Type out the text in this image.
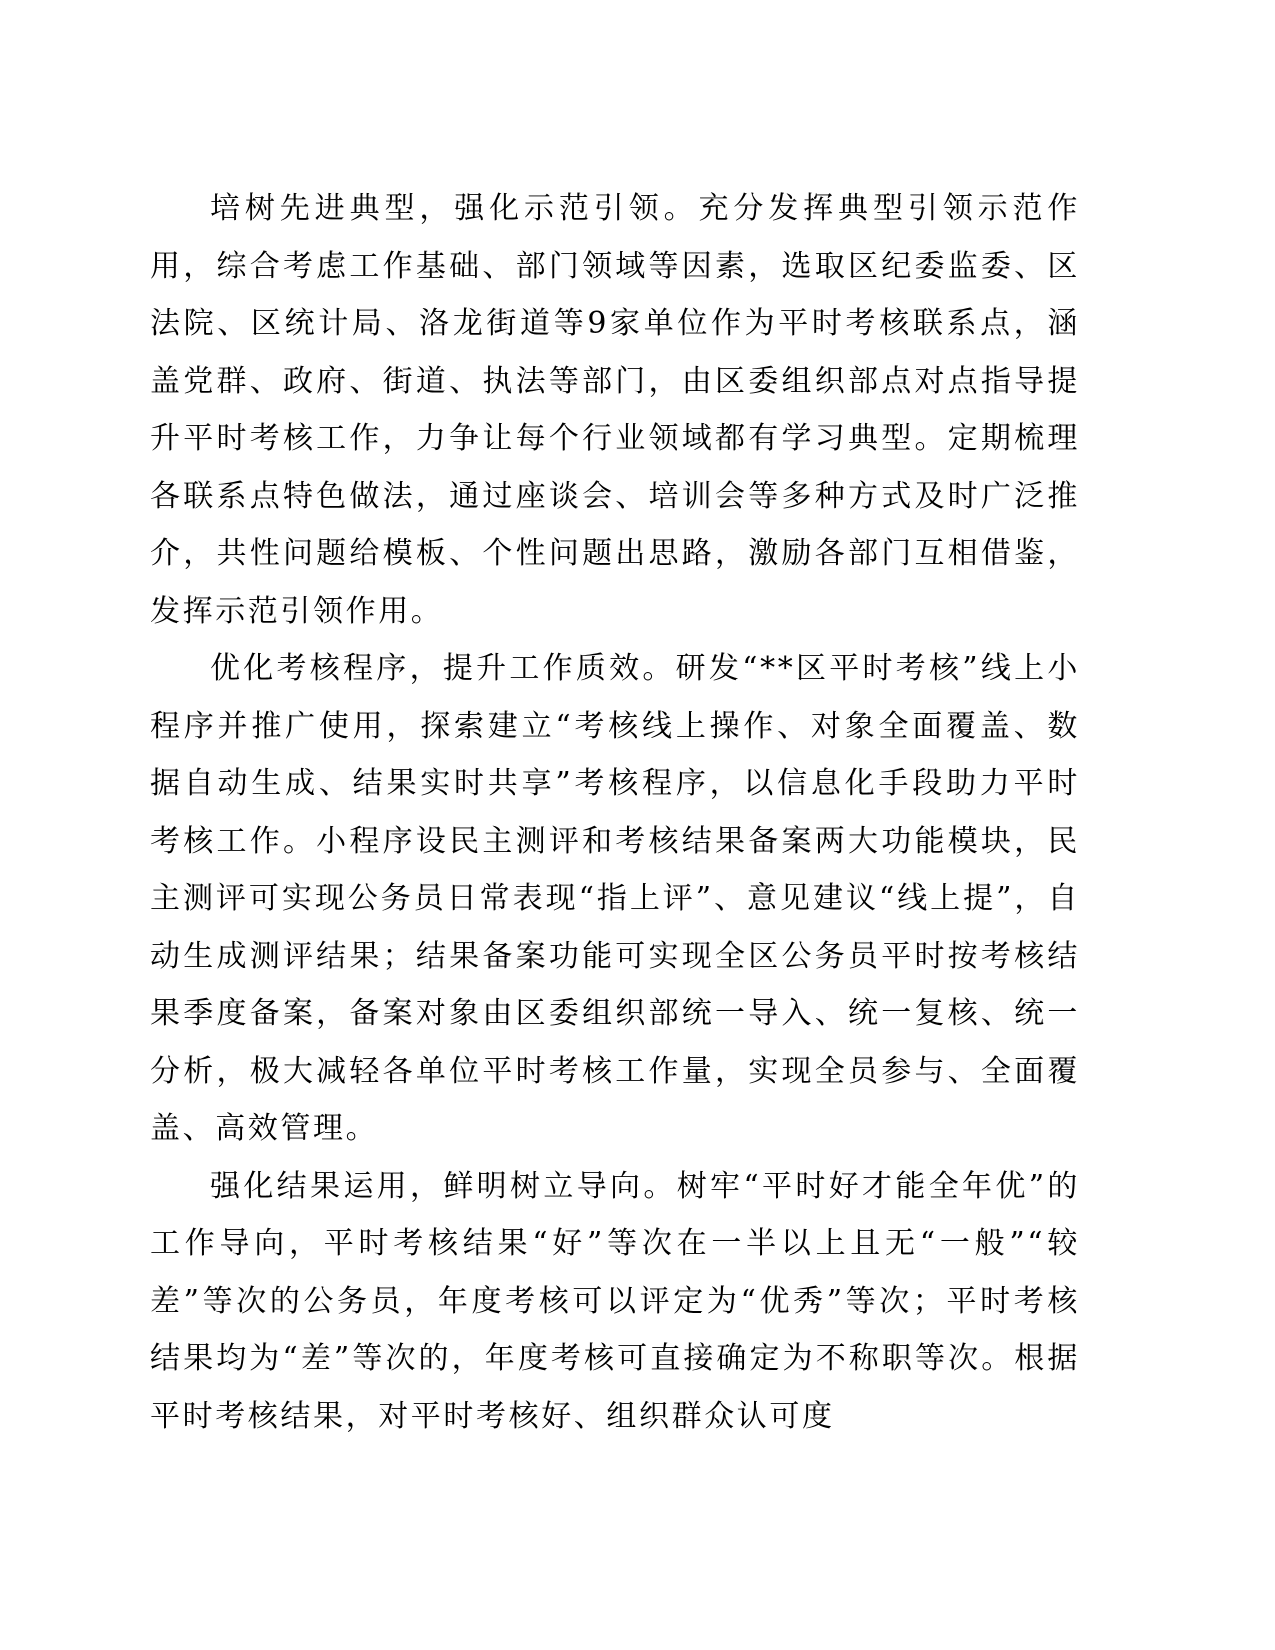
培树先进典型，强化示范引领。充分发挥典型引领示范作用，综合考虑工作基础、部门领域等因素，选取区纪委监委、区法院、区统计局、洛龙街道等9家单位作为平时考核联系点，涵盖党群、政府、街道、执法等部门，由区委组织部点对点指导提升平时考核工作，力争让每个行业领域都有学习典型。定期梳理各联系点特色做法，通过座谈会、培训会等多种方式及时广泛推介，共性问题给模板、个性问题出思路，激励各部门互相借鉴，发挥示范引领作用。

优化考核程序，提升工作质效。研发“**区平时考核”线上小程序并推广使用，探索建立“考核线上操作、对象全面覆盖、数据自动生成、结果实时共享”考核程序，以信息化手段助力平时考核工作。小程序设民主测评和考核结果备案两大功能模块，民主测评可实现公务员日常表现“指上评”、意见建议“线上提”，自动生成测评结果；结果备案功能可实现全区公务员平时按考核结果季度备案，备案对象由区委组织部统一导入、统一复核、统一分析，极大减轻各单位平时考核工作量，实现全员参与、全面覆盖、高效管理。

强化结果运用，鲜明树立导向。树牢“平时好才能全年优”的工作导向，平时考核结果“好”等次在一半以上且无“一般”“较差”等次的公务员，年度考核可以评定为“优秀”等次；平时考核结果均为“差”等次的，年度考核可直接确定为不称职等次。根据平时考核结果，对平时考核好、组织群众认可度
